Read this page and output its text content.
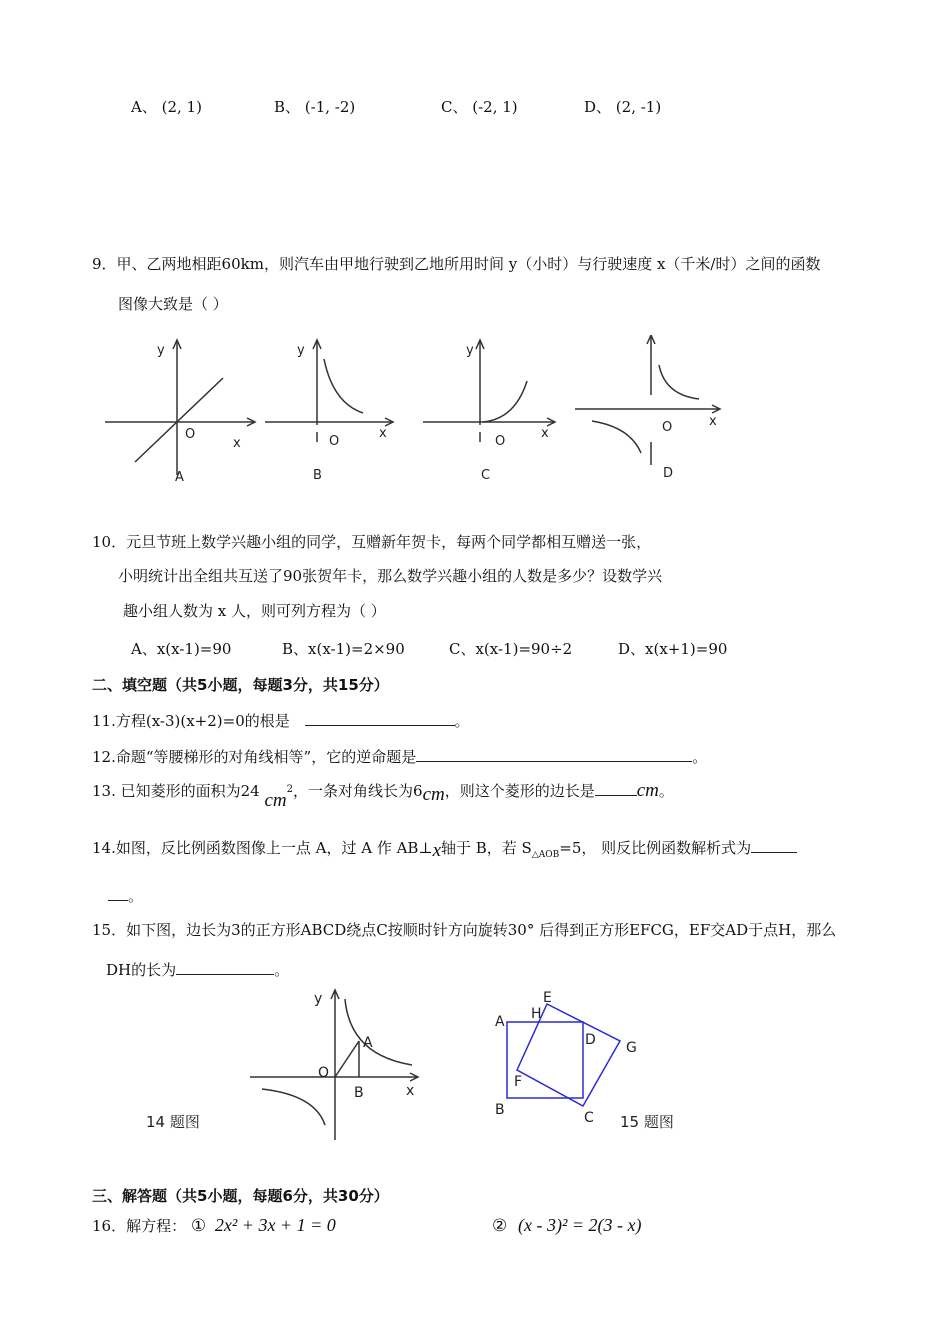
A、 (2, 1)	B、 (-1, -2)	C、 (-2, 1)	D、 (2, -1)
9．甲、乙两地相距60km，则汽车由甲地行驶到乙地所用时间 y（小时）与行驶速度 x（千米/时）之间的函数
图像大致是（ ）
y
O
x
A
y
O
x
B
y
O
x
C
O	x
D
10．元旦节班上数学兴趣小组的同学，互赠新年贺卡，每两个同学都相互赠送一张，
小明统计出全组共互送了90张贺年卡，那么数学兴趣小组的人数是多少？设数学兴
趣小组人数为 x 人，则可列方程为（ ）
A、x(x-1)=90	B、x(x-1)=2×90	C、x(x-1)=90÷2	D、x(x+1)=90
二、填空题（共5小题，每题3分，共15分）
11.方程(x-3)(x+2)=0的根是	。
12.命题“等腰梯形的对角线相等”，它的逆命题是	。
13. 已知菱形的面积为24 $cm^2$，一条对角线长为6cm，则这个菱形的边长是 cm。
14.如图，反比例函数图像上一点 A，过 A 作 AB⊥x轴于 B，若 $S_{\triangle AOB}=5$， 则反比例函数解析式为
。
15．如下图，边长为3的正方形ABCD绕点C按顺时针方向旋转30° 后得到正方形EFCG，EF交AD于点H，那么
DH的长为	。
y
O
A
B	x
14 题图
A H
E
D G
F
B	C 15 题图
三、解答题（共5小题，每题6分，共30分）
16．解方程： ① 2x² + 3x + 1 = 0	② (x - 3)² = 2(3 - x)
